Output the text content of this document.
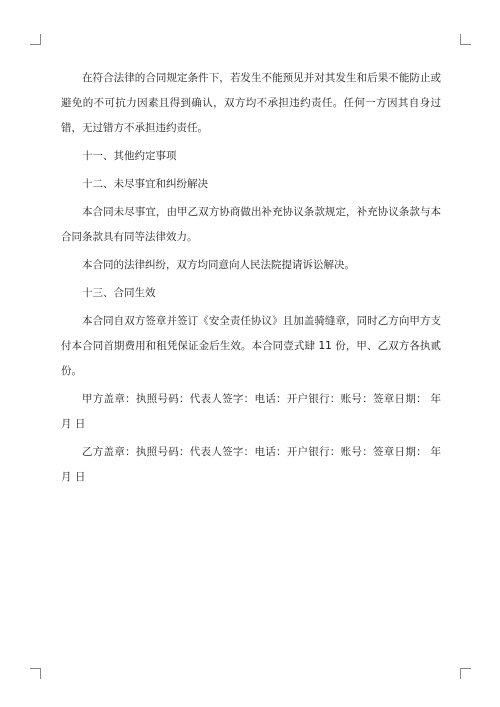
在符合法律的合同规定条件下，若发生不能预见并对其发生和后果不能防止或避免的不可抗力因素且得到确认，双方均不承担违约责任。任何一方因其自身过错，无过错方不承担违约责任。

十一、其他约定事项

十二、未尽事宜和纠纷解决

本合同未尽事宜，由甲乙双方协商做出补充协议条款规定，补充协议条款与本合同条款具有同等法律效力。

本合同的法律纠纷，双方均同意向人民法院提请诉讼解决。

十三、合同生效

本合同自双方签章并签订《安全责任协议》且加盖骑缝章，同时乙方向甲方支付本合同首期费用和租凭保证金后生效。本合同壹式肆 11 份，甲、乙双方各执贰份。

甲方盖章：执照号码：代表人签字：电话：开户银行：账号：签章日期： 年 月 日

乙方盖章：执照号码：代表人签字：电话：开户银行：账号：签章日期： 年 月 日
